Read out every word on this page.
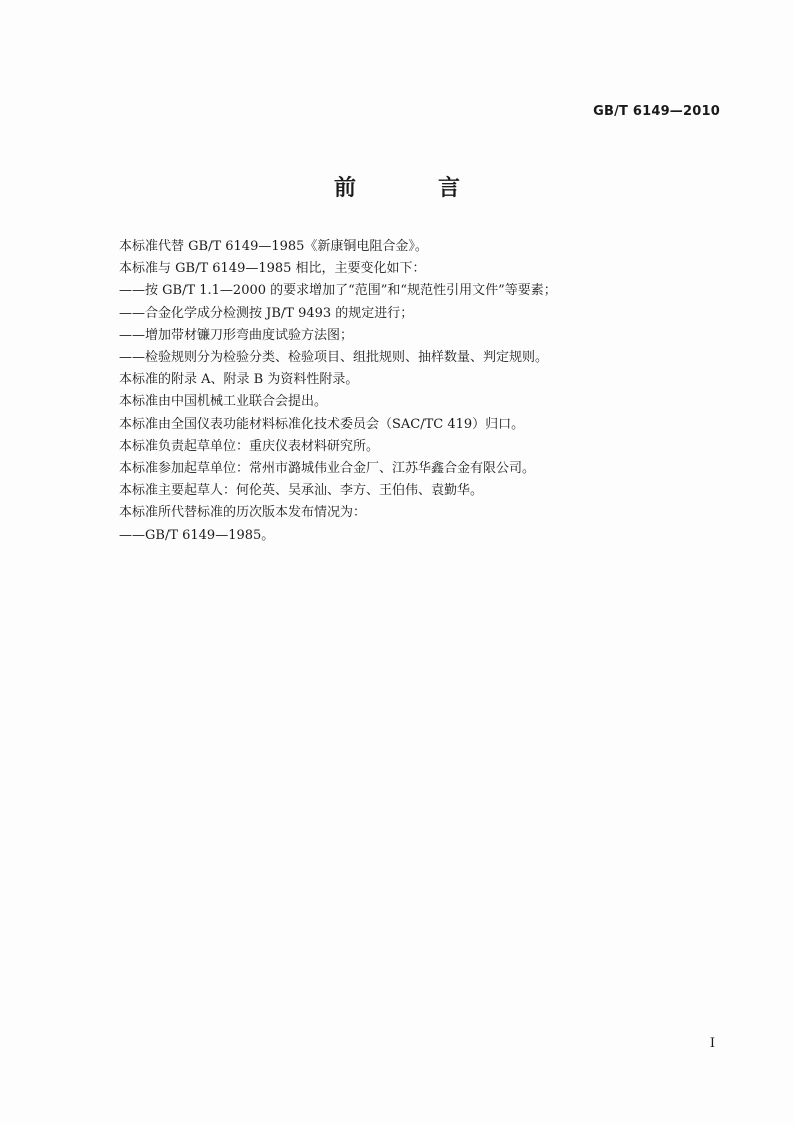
GB/T 6149—2010
前　言
本标准代替 GB/T 6149—1985《新康铜电阻合金》。
本标准与 GB/T 6149—1985 相比，主要变化如下：
——按 GB/T 1.1—2000 的要求增加了“范围”和“规范性引用文件”等要素；
——合金化学成分检测按 JB/T 9493 的规定进行；
——增加带材镰刀形弯曲度试验方法图；
——检验规则分为检验分类、检验项目、组批规则、抽样数量、判定规则。
本标准的附录 A、附录 B 为资料性附录。
本标准由中国机械工业联合会提出。
本标准由全国仪表功能材料标准化技术委员会（SAC/TC 419）归口。
本标准负责起草单位：重庆仪表材料研究所。
本标准参加起草单位：常州市潞城伟业合金厂、江苏华鑫合金有限公司。
本标准主要起草人：何伦英、吴承汕、李方、王伯伟、袁勤华。
本标准所代替标准的历次版本发布情况为：
——GB/T 6149—1985。
I
